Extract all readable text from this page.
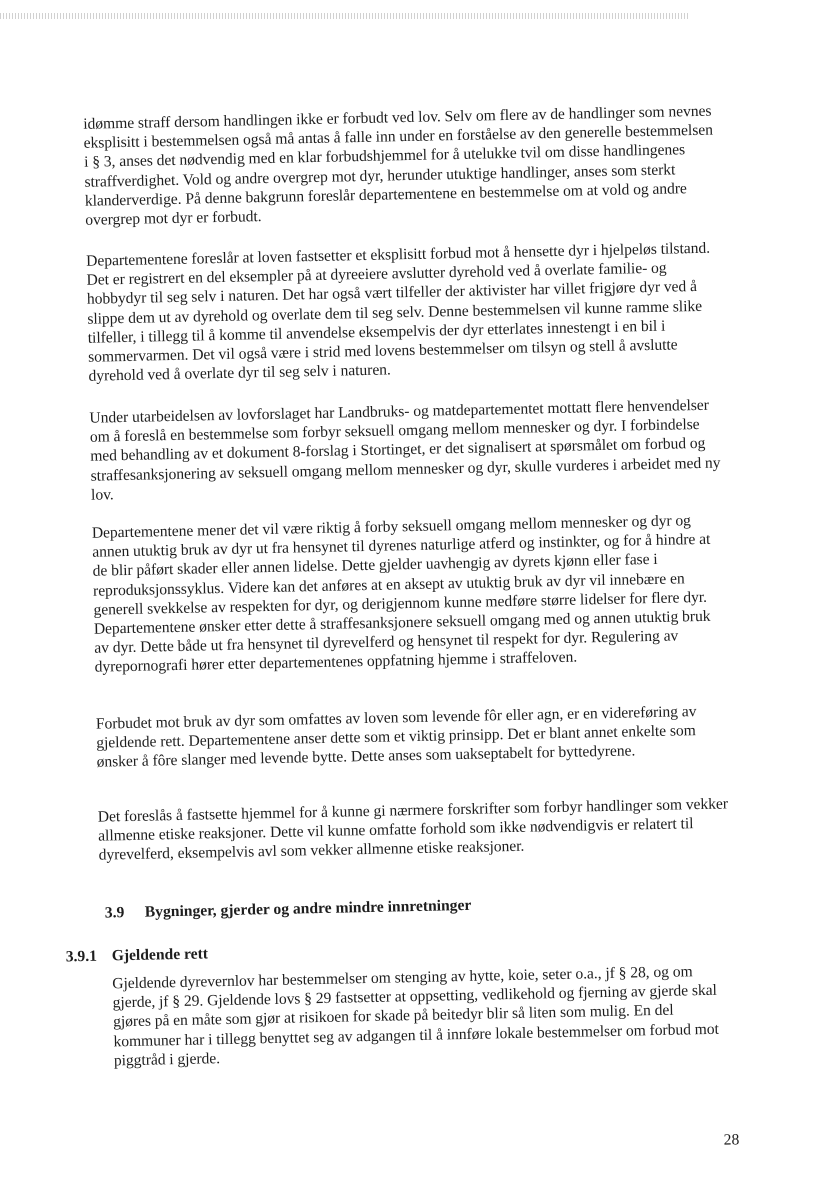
idømme straff dersom handlingen ikke er forbudt ved lov. Selv om flere av de handlinger som nevnes eksplisitt i bestemmelsen også må antas å falle inn under en forståelse av den generelle bestemmelsen i § 3, anses det nødvendig med en klar forbudshjemmel for å utelukke tvil om disse handlingenes straffverdighet. Vold og andre overgrep mot dyr, herunder utuktige handlinger, anses som sterkt klanderverdige. På denne bakgrunn foreslår departementene en bestemmelse om at vold og andre overgrep mot dyr er forbudt.

Departementene foreslår at loven fastsetter et eksplisitt forbud mot å hensette dyr i hjelpeløs tilstand. Det er registrert en del eksempler på at dyreeiere avslutter dyrehold ved å overlate familie- og hobbydyr til seg selv i naturen. Det har også vært tilfeller der aktivister har villet frigjøre dyr ved å slippe dem ut av dyrehold og overlate dem til seg selv. Denne bestemmelsen vil kunne ramme slike tilfeller, i tillegg til å komme til anvendelse eksempelvis der dyr etterlates innestengt i en bil i sommervarmen. Det vil også være i strid med lovens bestemmelser om tilsyn og stell å avslutte dyrehold ved å overlate dyr til seg selv i naturen.

Under utarbeidelsen av lovforslaget har Landbruks- og matdepartementet mottatt flere henvendelser om å foreslå en bestemmelse som forbyr seksuell omgang mellom mennesker og dyr. I forbindelse med behandling av et dokument 8-forslag i Stortinget, er det signalisert at spørsmålet om forbud og straffesanksjonering av seksuell omgang mellom mennesker og dyr, skulle vurderes i arbeidet med ny lov.

Departementene mener det vil være riktig å forby seksuell omgang mellom mennesker og dyr og annen utuktig bruk av dyr ut fra hensynet til dyrenes naturlige atferd og instinkter, og for å hindre at de blir påført skader eller annen lidelse. Dette gjelder uavhengig av dyrets kjønn eller fase i reproduksjonssyklus. Videre kan det anføres at en aksept av utuktig bruk av dyr vil innebære en generell svekkelse av respekten for dyr, og derigjennom kunne medføre større lidelser for flere dyr. Departementene ønsker etter dette å straffesanksjonere seksuell omgang med og annen utuktig bruk av dyr. Dette både ut fra hensynet til dyrevelferd og hensynet til respekt for dyr. Regulering av dyrepornografi hører etter departementenes oppfatning hjemme i straffeloven.

Forbudet mot bruk av dyr som omfattes av loven som levende fôr eller agn, er en videreføring av gjeldende rett. Departementene anser dette som et viktig prinsipp. Det er blant annet enkelte som ønsker å fôre slanger med levende bytte. Dette anses som uakseptabelt for byttedyrene.

Det foreslås å fastsette hjemmel for å kunne gi nærmere forskrifter som forbyr handlinger som vekker allmenne etiske reaksjoner. Dette vil kunne omfatte forhold som ikke nødvendigvis er relatert til dyrevelferd, eksempelvis avl som vekker allmenne etiske reaksjoner.

3.9 Bygninger, gjerder og andre mindre innretninger
3.9.1 Gjeldende rett

Gjeldende dyrevernlov har bestemmelser om stenging av hytte, koie, seter o.a., jf § 28, og om gjerde, jf § 29. Gjeldende lovs § 29 fastsetter at oppsetting, vedlikehold og fjerning av gjerde skal gjøres på en måte som gjør at risikoen for skade på beitedyr blir så liten som mulig. En del kommuner har i tillegg benyttet seg av adgangen til å innføre lokale bestemmelser om forbud mot piggtråd i gjerde.

28
